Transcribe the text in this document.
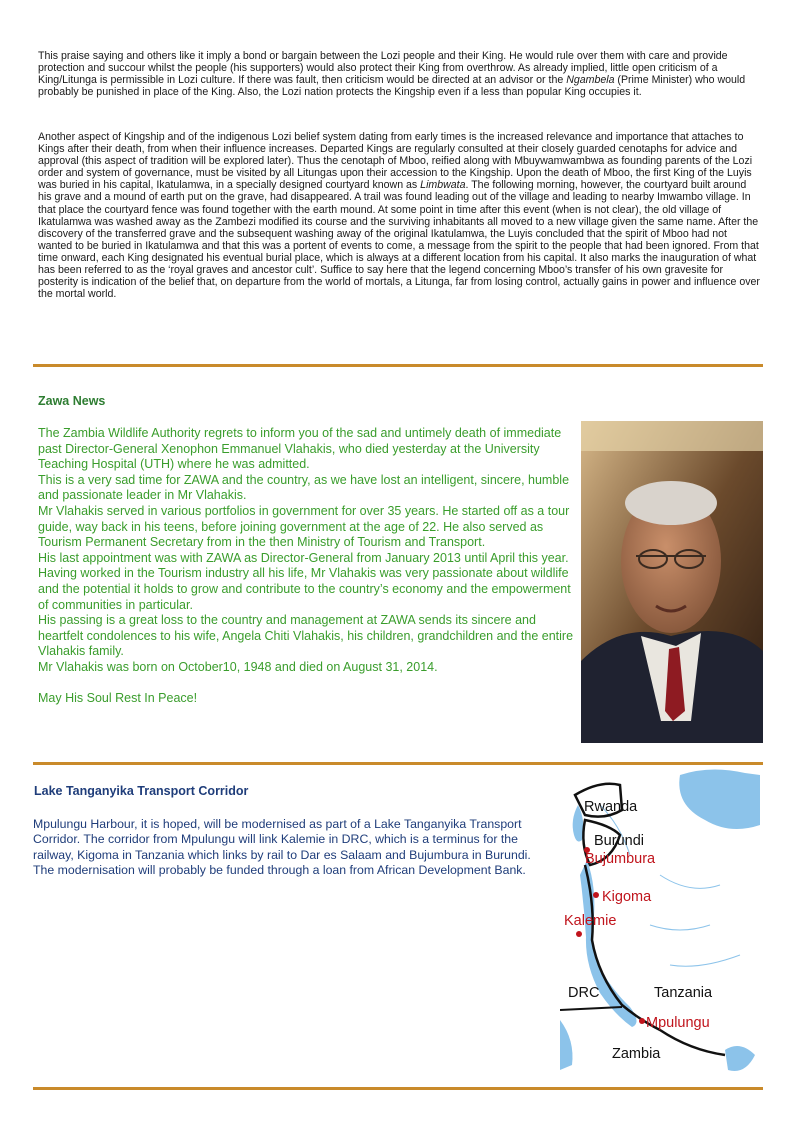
This praise saying and others like it imply a bond or bargain between the Lozi people and their King. He would rule over them with care and provide protection and succour whilst the people (his supporters) would also protect their King from overthrow. As already implied, little open criticism of a King/Litunga is permissible in Lozi culture. If there was fault, then criticism would be directed at an advisor or the Ngambela (Prime Minister) who would probably be punished in place of the King. Also, the Lozi nation protects the Kingship even if a less than popular King occupies it.

Another aspect of Kingship and of the indigenous Lozi belief system dating from early times is the increased relevance and importance that attaches to Kings after their death, from when their influence increases. Departed Kings are regularly consulted at their closely guarded cenotaphs for advice and approval (this aspect of tradition will be explored later). Thus the cenotaph of Mboo, reified along with Mbuywamwambwa as founding parents of the Lozi order and system of governance, must be visited by all Litungas upon their accession to the Kingship. Upon the death of Mboo, the first King of the Luyis was buried in his capital, Ikatulamwa, in a specially designed courtyard known as Limbwata. The following morning, however, the courtyard built around his grave and a mound of earth put on the grave, had disappeared. A trail was found leading out of the village and leading to nearby Imwambo village. In that place the courtyard fence was found together with the earth mound. At some point in time after this event (when is not clear), the old village of Ikatulamwa was washed away as the Zambezi modified its course and the surviving inhabitants all moved to a new village given the same name. After the discovery of the transferred grave and the subsequent washing away of the original Ikatulamwa, the Luyis concluded that the spirit of Mboo had not wanted to be buried in Ikatulamwa and that this was a portent of events to come, a message from the spirit to the people that had been ignored. From that time onward, each King designated his eventual burial place, which is always at a different location from his capital. It also marks the inauguration of what has been referred to as the ‘royal graves and ancestor cult’. Suffice to say here that the legend concerning Mboo’s transfer of his own gravesite for posterity is indication of the belief that, on departure from the world of mortals, a Litunga, far from losing control, actually gains in power and influence over the mortal world.

Zawa News

The Zambia Wildlife Authority regrets to inform you of the sad and untimely death of immediate past Director-General Xenophon Emmanuel Vlahakis, who died yesterday at the University Teaching Hospital (UTH) where he was admitted.

This is a very sad time for ZAWA and the country, as we have lost an intelligent, sincere, humble and passionate leader in Mr Vlahakis.

Mr Vlahakis served in various portfolios in government for over 35 years. He started off as a tour guide, way back in his teens, before joining government at the age of 22. He also served as Tourism Permanent Secretary from in the then Ministry of Tourism and Transport.

His last appointment was with ZAWA as Director-General from January 2013 until April this year.

Having worked in the Tourism industry all his life, Mr Vlahakis was very passionate about wildlife and the potential it holds to grow and contribute to the country’s economy and the empowerment of communities in particular.

His passing is a great loss to the country and management at ZAWA sends its sincere and heartfelt condolences to his wife, Angela Chiti Vlahakis, his children, grandchildren and the entire Vlahakis family.

Mr Vlahakis was born on October10, 1948 and died on August 31, 2014.

May His Soul Rest In Peace!

Lake Tanganyika Transport Corridor

Mpulungu Harbour, it is hoped, will be modernised as part of a Lake Tanganyika Transport Corridor. The corridor from Mpulungu will link Kalemie in DRC, which is a terminus for the railway, Kigoma in Tanzania which links by rail to Dar es Salaam and Bujumbura in Burundi. The modernisation will probably be funded through a loan from African Development Bank.

Rwanda
Burundi
Bujumbura
Kigoma
Kalemie
DRC	Tanzania
Mpulungu
Zambia
